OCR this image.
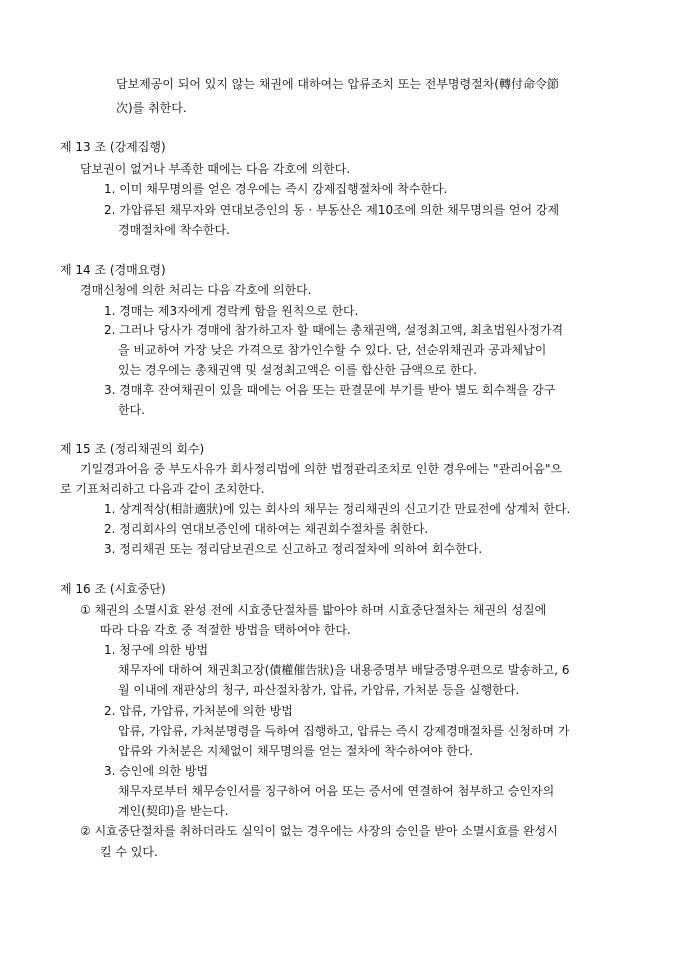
담보제공이 되어 있지 않는 채권에 대하여는 압류조치 또는 전부명령절차(轉付命令節
次)를 취한다.
제 13 조 (강제집행)
담보권이 없거나 부족한 때에는 다음 각호에 의한다.
1. 이미 채무명의를 얻은 경우에는 즉시 강제집행절차에 착수한다.
2. 가압류된 채무자와 연대보증인의 동 · 부동산은 제10조에 의한 채무명의를 얻어 강제
경매절차에 착수한다.
제 14 조 (경매요령)
경매신청에 의한 처리는 다음 각호에 의한다.
1. 경매는 제3자에게 경락케 함을 원칙으로 한다.
2. 그러나 당사가 경매에 참가하고자 할 때에는 총채권액, 설정최고액, 최초법원사정가격
을 비교하여 가장 낮은 가격으로 참가인수할 수 있다. 단, 선순위채권과 공과체납이
있는 경우에는 총채권액 및 설정최고액은 이를 합산한 금액으로 한다.
3. 경매후 잔여채권이 있을 때에는 어음 또는 판결문에 부기를 받아 별도 회수책을 강구
한다.
제 15 조 (정리채권의 회수)
기일경과어음 중 부도사유가 회사정리법에 의한 법정관리조치로 인한 경우에는 "관리어음"으
로 기표처리하고 다음과 같이 조치한다.
1. 상계적상(相計適狀)에 있는 회사의 채무는 정리채권의 신고기간 만료전에 상계처 한다.
2. 정리회사의 연대보증인에 대하여는 채권회수절차를 취한다.
3. 정리채권 또는 정리담보권으로 신고하고 정리절차에 의하여 회수한다.
제 16 조 (시효중단)
① 채권의 소멸시효 완성 전에 시효중단절차를 밟아야 하며 시효중단절차는 채권의 성질에
따라 다음 각호 중 적절한 방법을 택하여야 한다.
1. 청구에 의한 방법
채무자에 대하여 채권최고장(債權催告狀)을 내용증명부 배달증명우편으로 발송하고, 6
월 이내에 재판상의 청구, 파산절차참가, 압류, 가압류, 가처분 등을 실행한다.
2. 압류, 가압류, 가처분에 의한 방법
압류, 가압류, 가처분명령을 득하여 집행하고, 압류는 즉시 강제경매절차를 신청하며 가
압류와 가처분은 지체없이 채무명의를 얻는 절차에 착수하여야 한다.
3. 승인에 의한 방법
채무자로부터 채무승인서를 징구하여 어음 또는 증서에 연결하여 첨부하고 승인자의
계인(契印)을 받는다.
② 시효중단절차를 취하더라도 실익이 없는 경우에는 사장의 승인을 받아 소멸시효를 완성시
킬 수 있다.
